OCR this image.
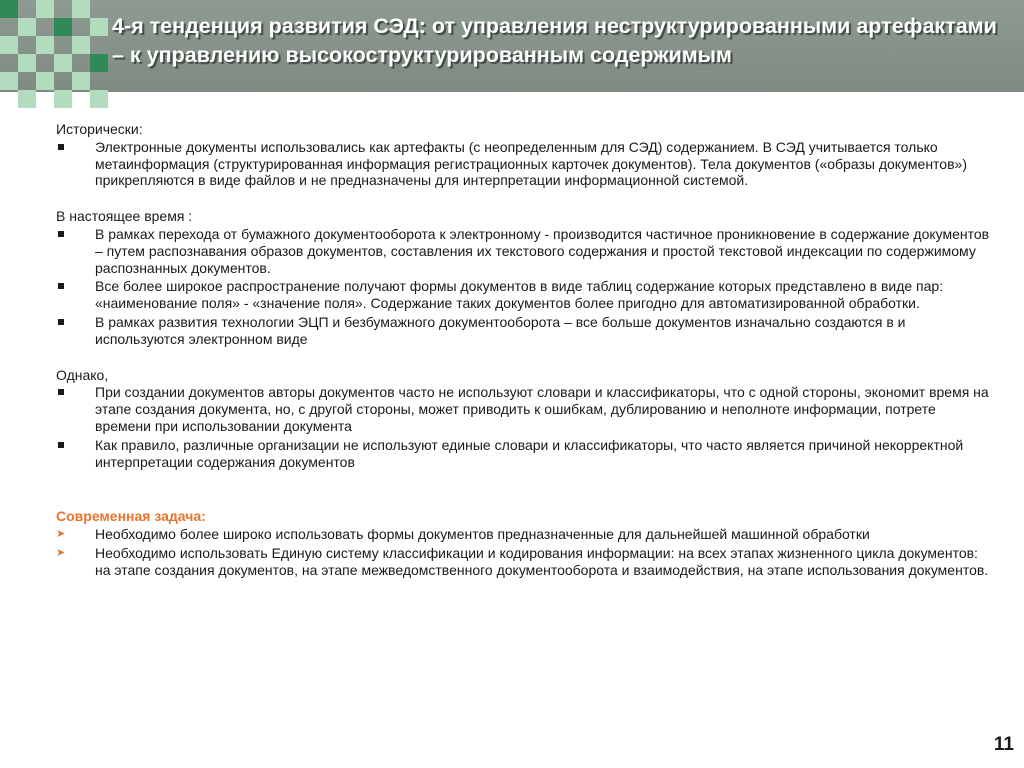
4-я тенденция развития СЭД: от управления неструктурированными артефактами – к управлению высокоструктурированным содержимым

Исторически:

Электронные документы использовались как артефакты (с неопределенным для СЭД) содержанием. В СЭД учитывается только метаинформация (структурированная информация регистрационных карточек документов). Тела документов («образы документов») прикрепляются в виде файлов и не предназначены для интерпретации информационной системой.

В настоящее время :

В рамках перехода от бумажного документооборота к электронному - производится частичное проникновение в содержание документов – путем распознавания образов документов, составления их текстового содержания и простой текстовой индексации по содержимому распознанных документов.
Все более широкое распространение получают формы документов в виде таблиц содержание которых представлено в виде пар: «наименование поля» - «значение поля». Содержание таких документов более пригодно для автоматизированной обработки.
В рамках развития технологии ЭЦП и безбумажного документооборота – все больше документов изначально создаются в и используются электронном виде

Однако,

При создании документов авторы документов часто не используют словари и классификаторы, что с одной стороны, экономит время на этапе создания документа, но, с другой стороны, может приводить к ошибкам, дублированию и неполноте информации, потрете времени при использовании документа
Как правило, различные организации не используют единые словари и классификаторы, что часто является причиной некорректной интерпретации содержания документов

Современная задача:

➤ Необходимо более широко использовать формы документов предназначенные для дальнейшей машинной обработки
➤ Необходимо использовать Единую систему классификации и кодирования информации: на всех этапах жизненного цикла документов: на этапе создания документов, на этапе межведомственного документооборота и взаимодействия, на этапе использования документов.
11
